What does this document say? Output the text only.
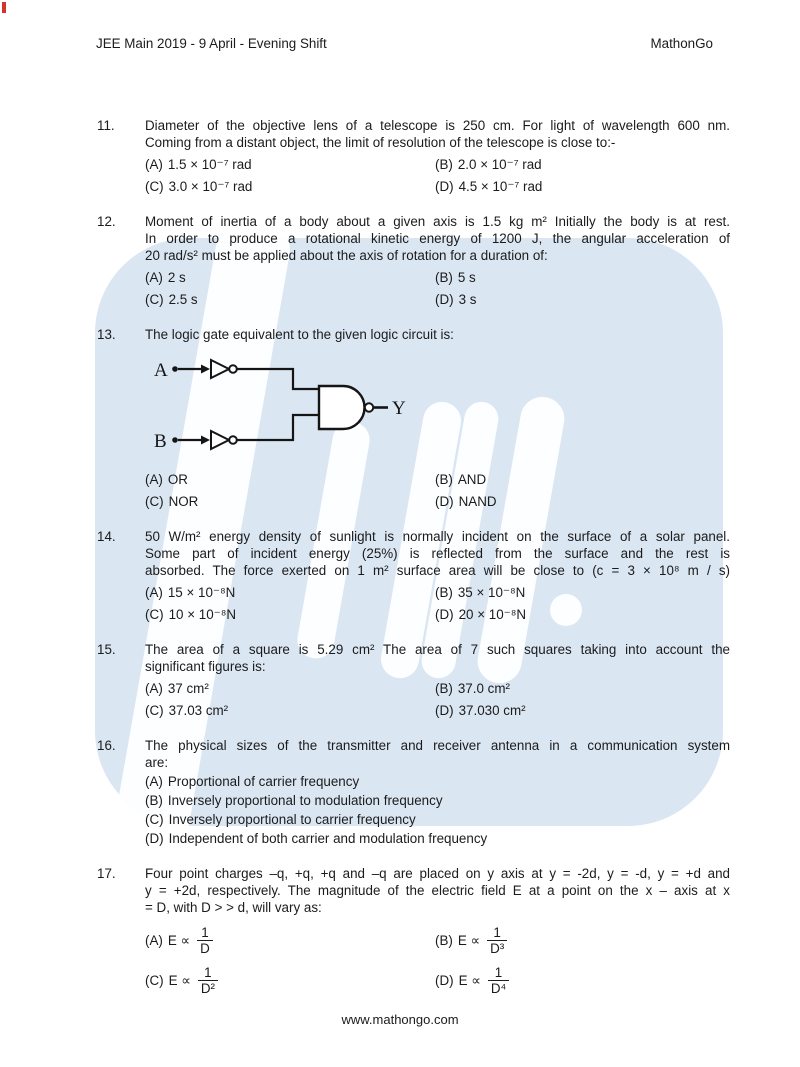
JEE Main 2019 - 9 April - Evening Shift	MathonGo
11.	Diameter of the objective lens of a telescope is 250 cm. For light of wavelength 600 nm.
Coming from a distant object, the limit of resolution of the telescope is close to:-
(A) 1.5 × 10⁻⁷ rad	(B) 2.0 × 10⁻⁷ rad
(C) 3.0 × 10⁻⁷ rad	(D) 4.5 × 10⁻⁷ rad
12.	Moment of inertia of a body about a given axis is 1.5 kg m² Initially the body is at rest.
In order to produce a rotational kinetic energy of 1200 J, the angular acceleration of
20 rad/s² must be applied about the axis of rotation for a duration of:
(A) 2 s	(B) 5 s
(C) 2.5 s	(D) 3 s
13.	The logic gate equivalent to the given logic circuit is:
A
B
Y
(A) OR	(B) AND
(C) NOR	(D) NAND
14.	50 W/m² energy density of sunlight is normally incident on the surface of a solar panel.
Some part of incident energy (25%) is reflected from the surface and the rest is
absorbed. The force exerted on 1 m² surface area will be close to (c = 3 × 10⁸ m / s)
(A) 15 × 10⁻⁸N	(B) 35 × 10⁻⁸N
(C) 10 × 10⁻⁸N	(D) 20 × 10⁻⁸N
15.	The area of a square is 5.29 cm² The area of 7 such squares taking into account the
significant figures is:
(A) 37 cm²	(B) 37.0 cm²
(C) 37.03 cm²	(D) 37.030 cm²
16.	The physical sizes of the transmitter and receiver antenna in a communication system
are:
(A) Proportional of carrier frequency
(B) Inversely proportional to modulation frequency
(C) Inversely proportional to carrier frequency
(D) Independent of both carrier and modulation frequency
17.	Four point charges –q, +q, +q and –q are placed on y axis at y = -2d, y = -d, y = +d and
y = +2d, respectively. The magnitude of the electric field E at a point on the x – axis at x
= D, with D > > d, will vary as:
(A) $E \propto \frac{1}{D}$	(B) $E \propto \frac{1}{\text{D³}}$
(C) $E \propto \frac{1}{\text{D²}}$	(D) $E \propto \frac{1}{\text{D⁴}}$
www.mathongo.com
